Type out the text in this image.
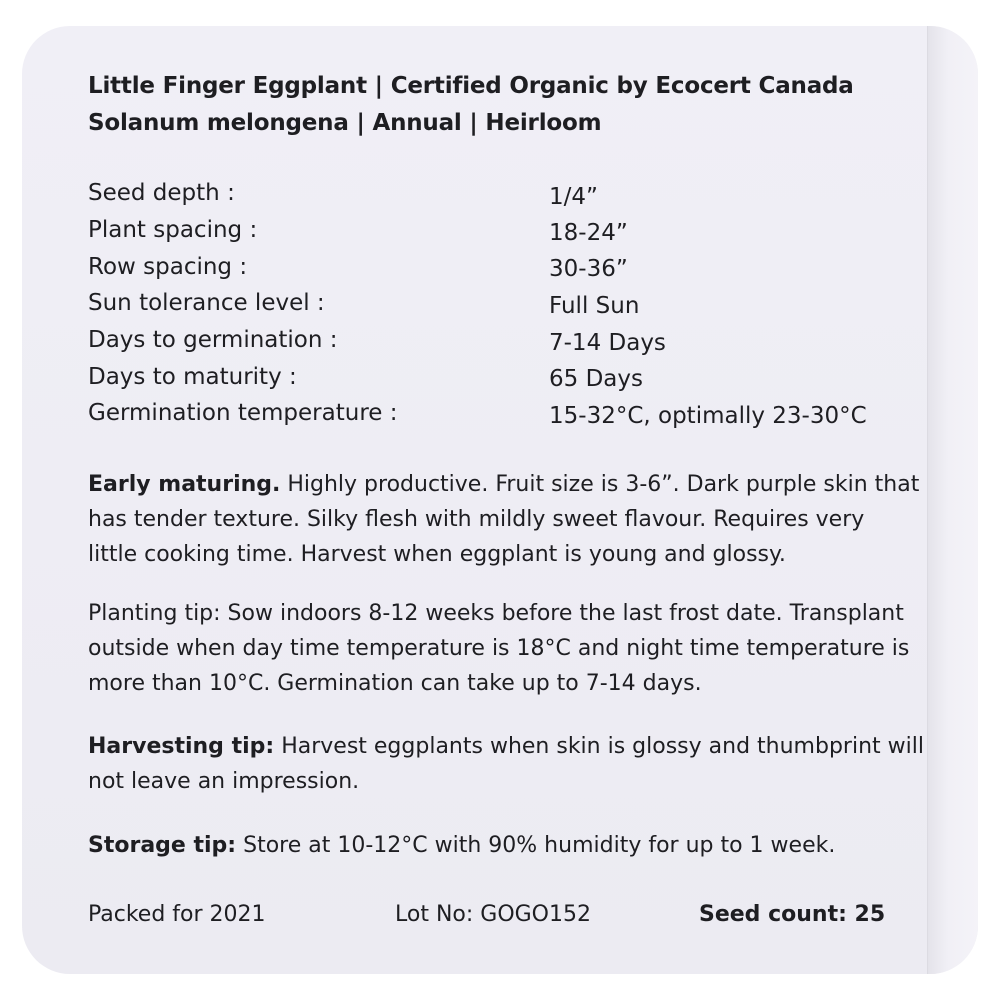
Little Finger Eggplant | Certified Organic by Ecocert Canada
Solanum melongena | Annual | Heirloom
Seed depth :	1/4”
Plant spacing :	18-24”
Row spacing :	30-36”
Sun tolerance level :	Full Sun
Days to germination :	7-14 Days
Days to maturity :	65 Days
Germination temperature :	15-32°C, optimally 23-30°C
Early maturing. Highly productive. Fruit size is 3-6”. Dark purple skin that
has tender texture. Silky flesh with mildly sweet flavour. Requires very
little cooking time. Harvest when eggplant is young and glossy.
Planting tip: Sow indoors 8-12 weeks before the last frost date. Transplant
outside when day time temperature is 18°C and night time temperature is
more than 10°C. Germination can take up to 7-14 days.
Harvesting tip: Harvest eggplants when skin is glossy and thumbprint will
not leave an impression.
Storage tip: Store at 10-12°C with 90% humidity for up to 1 week.
Packed for 2021	Lot No: GOGO152	Seed count: 25
